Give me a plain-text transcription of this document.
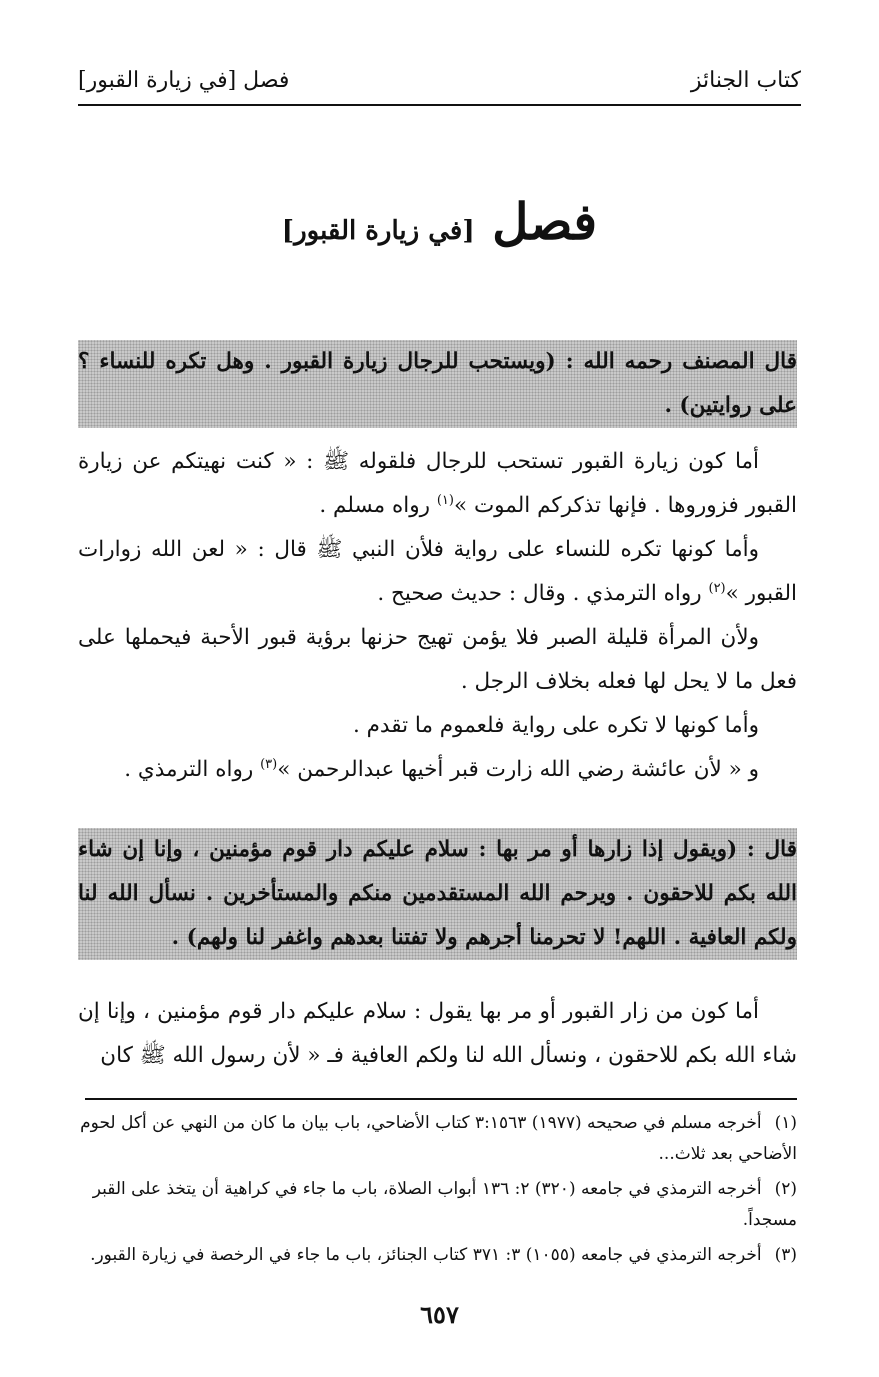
كتاب الجنائز
فصل [في زيارة القبور]
فصل [في زيارة القبور]

قال المصنف رحمه الله : (ويستحب للرجال زيارة القبور . وهل تكره للنساء ؟ على روايتين) .

أما كون زيارة القبور تستحب للرجال فلقوله ﷺ : « كنت نهيتكم عن زيارة القبور فزوروها . فإنها تذكركم الموت »$^{(١)}$ رواه مسلم .

وأما كونها تكره للنساء على رواية فلأن النبي ﷺ قال : « لعن الله زوارات القبور »$^{(٢)}$ رواه الترمذي . وقال : حديث صحيح .

ولأن المرأة قليلة الصبر فلا يؤمن تهيج حزنها برؤية قبور الأحبة فيحملها على فعل ما لا يحل لها فعله بخلاف الرجل .

وأما كونها لا تكره على رواية فلعموم ما تقدم .

و « لأن عائشة رضي الله زارت قبر أخيها عبدالرحمن »$^{(٣)}$ رواه الترمذي .

قال : (ويقول إذا زارها أو مر بها : سلام عليكم دار قوم مؤمنين ، وإنا إن شاء الله بكم للاحقون . ويرحم الله المستقدمين منكم والمستأخرين . نسأل الله لنا ولكم العافية . اللهم! لا تحرمنا أجرهم ولا تفتنا بعدهم واغفر لنا ولهم) .

أما كون من زار القبور أو مر بها يقول : سلام عليكم دار قوم مؤمنين ، وإنا إن شاء الله بكم للاحقون ، ونسأل الله لنا ولكم العافية فـ « لأن رسول الله ﷺ كان

(١) أخرجه مسلم في صحيحه (١٩٧٧) ٣:١٥٦٣ كتاب الأضاحي، باب بيان ما كان من النهي عن أكل لحوم الأضاحي بعد ثلاث...

(٢) أخرجه الترمذي في جامعه (٣٢٠) ٢: ١٣٦ أبواب الصلاة، باب ما جاء في كراهية أن يتخذ على القبر مسجداً.

(٣) أخرجه الترمذي في جامعه (١٠٥٥) ٣: ٣٧١ كتاب الجنائز، باب ما جاء في الرخصة في زيارة القبور.

٦٥٧
